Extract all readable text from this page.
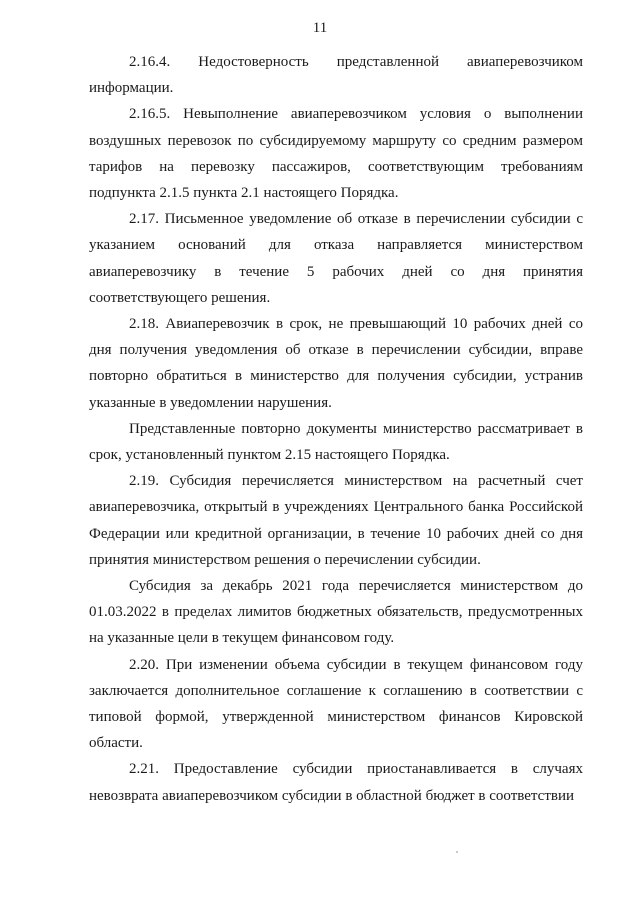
11

2.16.4. Недостоверность представленной авиаперевозчиком информации.

2.16.5. Невыполнение авиаперевозчиком условия о выполнении воздушных перевозок по субсидируемому маршруту со средним размером тарифов на перевозку пассажиров, соответствующим требованиям подпункта 2.1.5 пункта 2.1 настоящего Порядка.

2.17. Письменное уведомление об отказе в перечислении субсидии с указанием оснований для отказа направляется министерством авиаперевозчику в течение 5 рабочих дней со дня принятия соответствующего решения.

2.18. Авиаперевозчик в срок, не превышающий 10 рабочих дней со дня получения уведомления об отказе в перечислении субсидии, вправе повторно обратиться в министерство для получения субсидии, устранив указанные в уведомлении нарушения.

Представленные повторно документы министерство рассматривает в срок, установленный пунктом 2.15 настоящего Порядка.

2.19. Субсидия перечисляется министерством на расчетный счет авиаперевозчика, открытый в учреждениях Центрального банка Российской Федерации или кредитной организации, в течение 10 рабочих дней со дня принятия министерством решения о перечислении субсидии.

Субсидия за декабрь 2021 года перечисляется министерством до 01.03.2022 в пределах лимитов бюджетных обязательств, предусмотренных на указанные цели в текущем финансовом году.

2.20. При изменении объема субсидии в текущем финансовом году заключается дополнительное соглашение к соглашению в соответствии с типовой формой, утвержденной министерством финансов Кировской области.

2.21. Предоставление субсидии приостанавливается в случаях невозврата авиаперевозчиком субсидии в областной бюджет в соответствии
